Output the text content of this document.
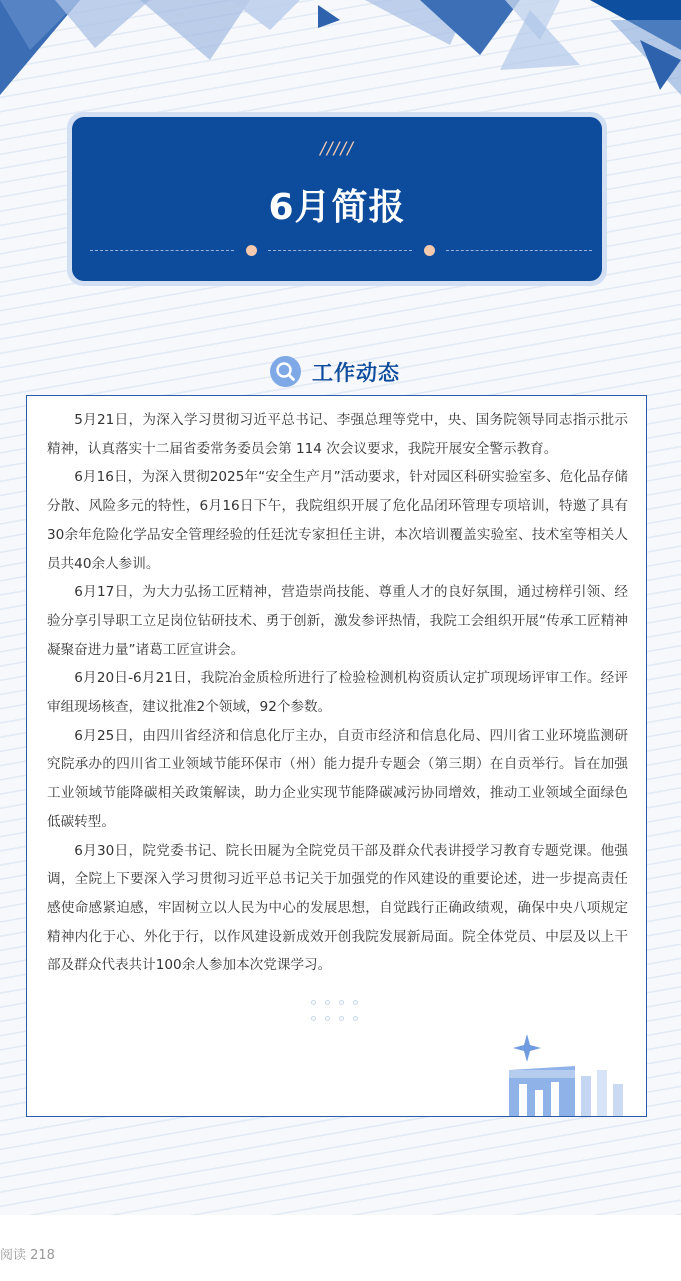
/////
6月简报
工作动态

5月21日，为深入学习贯彻习近平总书记、李强总理等党中，央、国务院领导同志指示批示精神，认真落实十二届省委常务委员会第 114 次会议要求，我院开展安全警示教育。

6月16日，为深入贯彻2025年“安全生产月”活动要求，针对园区科研实验室多、危化品存储分散、风险多元的特性，6月16日下午，我院组织开展了危化品闭环管理专项培训，特邀了具有30余年危险化学品安全管理经验的任廷沈专家担任主讲，本次培训覆盖实验室、技术室等相关人员共40余人参训。

6月17日，为大力弘扬工匠精神，营造崇尚技能、尊重人才的良好氛围，通过榜样引领、经验分享引导职工立足岗位钻研技术、勇于创新，激发参评热情，我院工会组织开展“传承工匠精神 凝聚奋进力量”诸葛工匠宣讲会。

6月20日-6月21日，我院冶金质检所进行了检验检测机构资质认定扩项现场评审工作。经评审组现场核查，建议批准2个领域，92个参数。

6月25日，由四川省经济和信息化厅主办，自贡市经济和信息化局、四川省工业环境监测研究院承办的四川省工业领域节能环保市（州）能力提升专题会（第三期）在自贡举行。旨在加强工业领域节能降碳相关政策解读，助力企业实现节能降碳减污协同增效，推动工业领域全面绿色低碳转型。

6月30日，院党委书记、院长田屣为全院党员干部及群众代表讲授学习教育专题党课。他强调，全院上下要深入学习贯彻习近平总书记关于加强党的作风建设的重要论述，进一步提高责任感使命感紧迫感，牢固树立以人民为中心的发展思想，自觉践行正确政绩观，确保中央八项规定精神内化于心、外化于行，以作风建设新成效开创我院发展新局面。院全体党员、中层及以上干部及群众代表共计100余人参加本次党课学习。

阅读 218
